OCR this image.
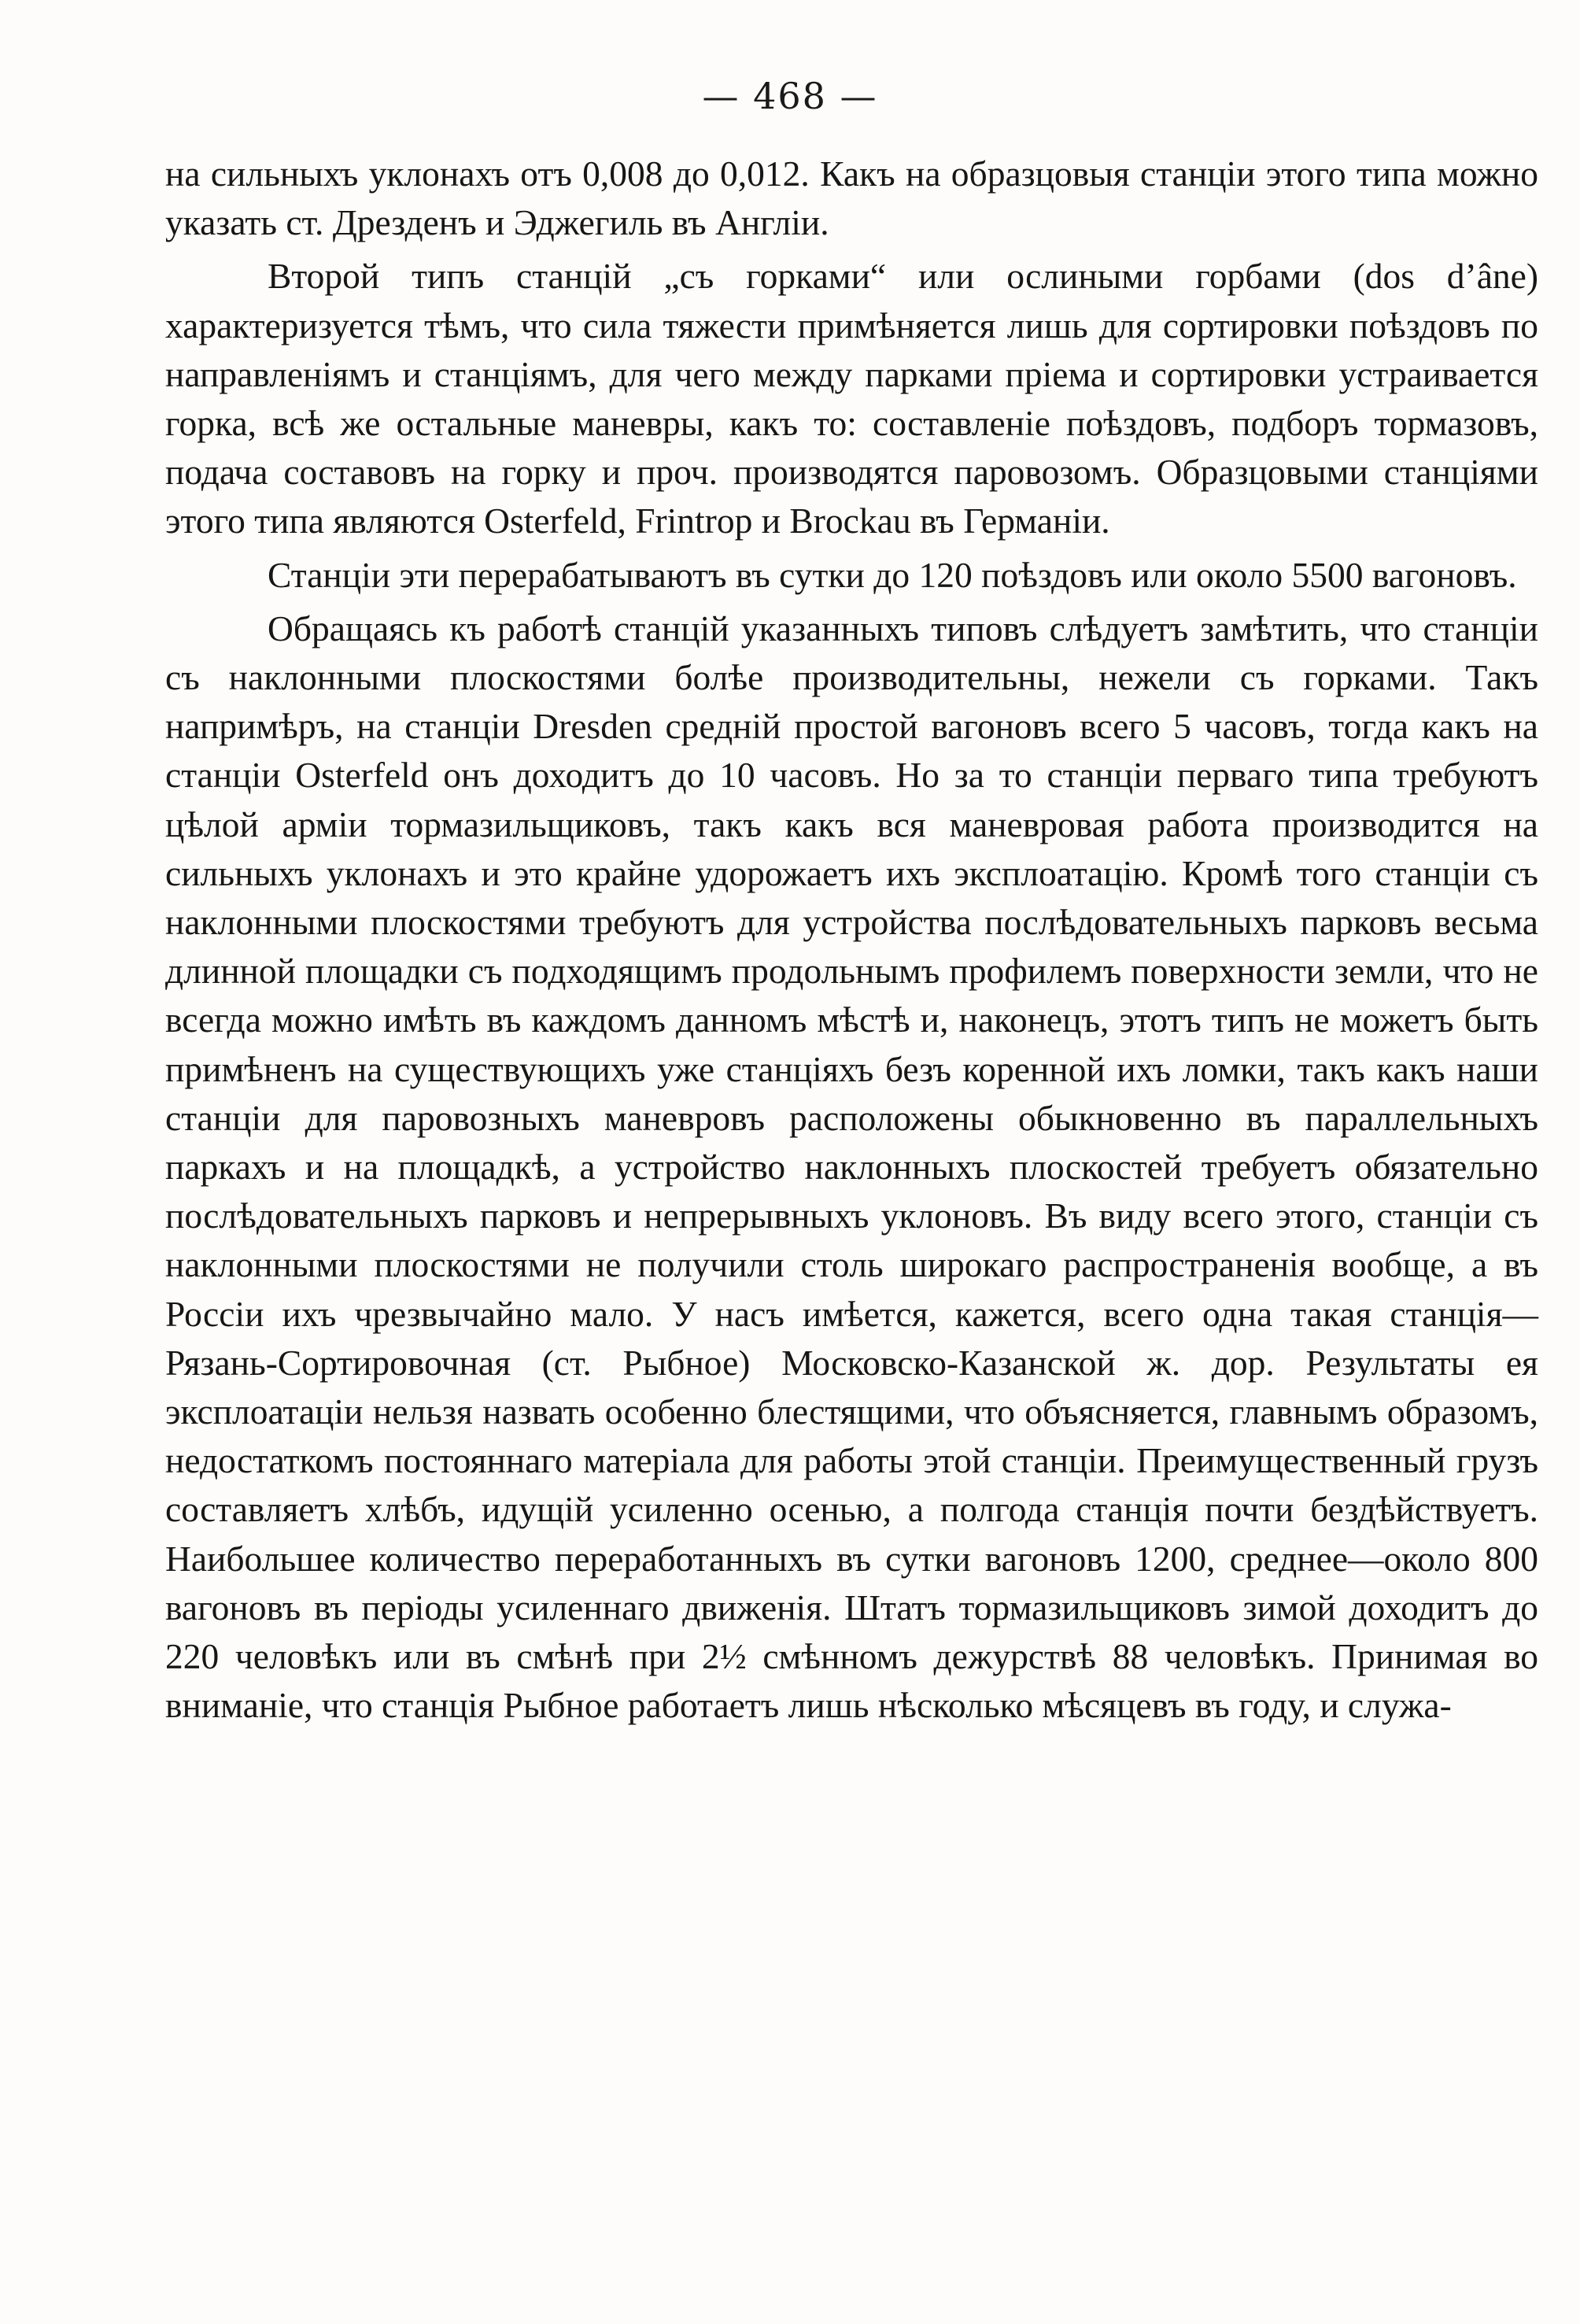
— 468 —

на сильныхъ уклонахъ отъ 0,008 до 0,012. Какъ на образцовыя станціи этого типа можно указать ст. Дрезденъ и Эджегиль въ Англіи.

Второй типъ станцій „съ горками“ или ослиными горбами (dos d’âne) характеризуется тѣмъ, что сила тяжести примѣняется лишь для сортировки поѣздовъ по направленіямъ и станціямъ, для чего между парками пріема и сортировки устраивается горка, всѣ же остальные маневры, какъ то: составленіе поѣздовъ, подборъ тормазовъ, подача составовъ на горку и проч. производятся паровозомъ. Образцовыми станціями этого типа являются Osterfeld, Frintrop и Brockau въ Германіи.

Станціи эти перерабатываютъ въ сутки до 120 поѣздовъ или около 5500 вагоновъ.

Обращаясь къ работѣ станцій указанныхъ типовъ слѣдуетъ замѣтить, что станціи съ наклонными плоскостями болѣе производительны, нежели съ горками. Такъ напримѣръ, на станціи Dresden средній простой вагоновъ всего 5 часовъ, тогда какъ на станціи Osterfeld онъ доходитъ до 10 часовъ. Но за то станціи перваго типа требуютъ цѣлой арміи тормазильщиковъ, такъ какъ вся маневровая работа производится на сильныхъ уклонахъ и это крайне удорожаетъ ихъ эксплоатацію. Кромѣ того станціи съ наклонными плоскостями требуютъ для устройства послѣдовательныхъ парковъ весьма длинной площадки съ подходящимъ продольнымъ профилемъ поверхности земли, что не всегда можно имѣть въ каждомъ данномъ мѣстѣ и, наконецъ, этотъ типъ не можетъ быть примѣненъ на существующихъ уже станціяхъ безъ коренной ихъ ломки, такъ какъ наши станціи для паровозныхъ маневровъ расположены обыкновенно въ параллельныхъ паркахъ и на площадкѣ, а устройство наклонныхъ плоскостей требуетъ обязательно послѣдовательныхъ парковъ и непрерывныхъ уклоновъ. Въ виду всего этого, станціи съ наклонными плоскостями не получили столь широкаго распространенія вообще, а въ Россіи ихъ чрезвычайно мало. У насъ имѣется, кажется, всего одна такая станція— Рязань-Сортировочная (ст. Рыбное) Московско-Казанской ж. дор. Результаты ея эксплоатаціи нельзя назвать особенно блестящими, что объясняется, главнымъ образомъ, недостаткомъ постояннаго матеріала для работы этой станціи. Преимущественный грузъ составляетъ хлѣбъ, идущій усиленно осенью, а полгода станція почти бездѣйствуетъ. Наибольшее количество переработанныхъ въ сутки вагоновъ 1200, среднее—около 800 вагоновъ въ періоды усиленнаго движенія. Штатъ тормазильщиковъ зимой доходитъ до 220 человѣкъ или въ смѣнѣ при 2½ смѣнномъ дежурствѣ 88 человѣкъ. Принимая во вниманіе, что станція Рыбное работаетъ лишь нѣсколько мѣсяцевъ въ году, и служа-
